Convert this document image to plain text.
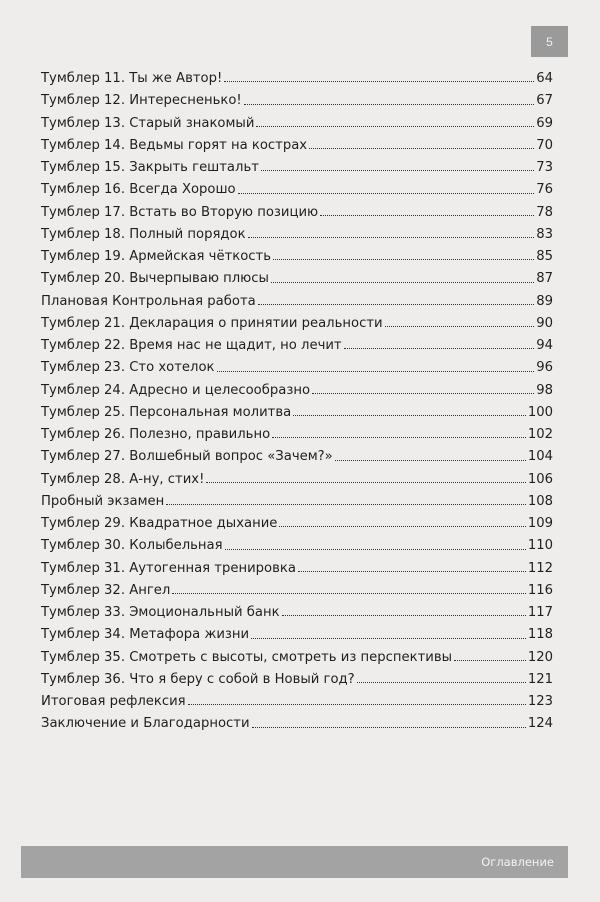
5
Тумблер 11. Ты же Автор!	64
Тумблер 12. Интересненько!	67
Тумблер 13. Старый знакомый	69
Тумблер 14. Ведьмы горят на кострах	70
Тумблер 15. Закрыть гештальт	73
Тумблер 16. Всегда Хорошо	76
Тумблер 17. Встать во Вторую позицию	78
Тумблер 18. Полный порядок	83
Тумблер 19. Армейская чёткость	85
Тумблер 20. Вычерпываю плюсы	87
Плановая Контрольная работа	89
Тумблер 21. Декларация о принятии реальности	90
Тумблер 22. Время нас не щадит, но лечит	94
Тумблер 23. Сто хотелок	96
Тумблер 24. Адресно и целесообразно	98
Тумблер 25. Персональная молитва	100
Тумблер 26. Полезно, правильно	102
Тумблер 27. Волшебный вопрос «Зачем?»	104
Тумблер 28. А-ну, стих!	106
Пробный экзамен	108
Тумблер 29. Квадратное дыхание	109
Тумблер 30. Колыбельная	110
Тумблер 31. Аутогенная тренировка	112
Тумблер 32. Ангел	116
Тумблер 33. Эмоциональный банк	117
Тумблер 34. Метафора жизни	118
Тумблер 35. Смотреть с высоты, смотреть из перспективы	120
Тумблер 36. Что я беру с собой в Новый год?	121
Итоговая рефлексия	123
Заключение и Благодарности	124
Оглавление
